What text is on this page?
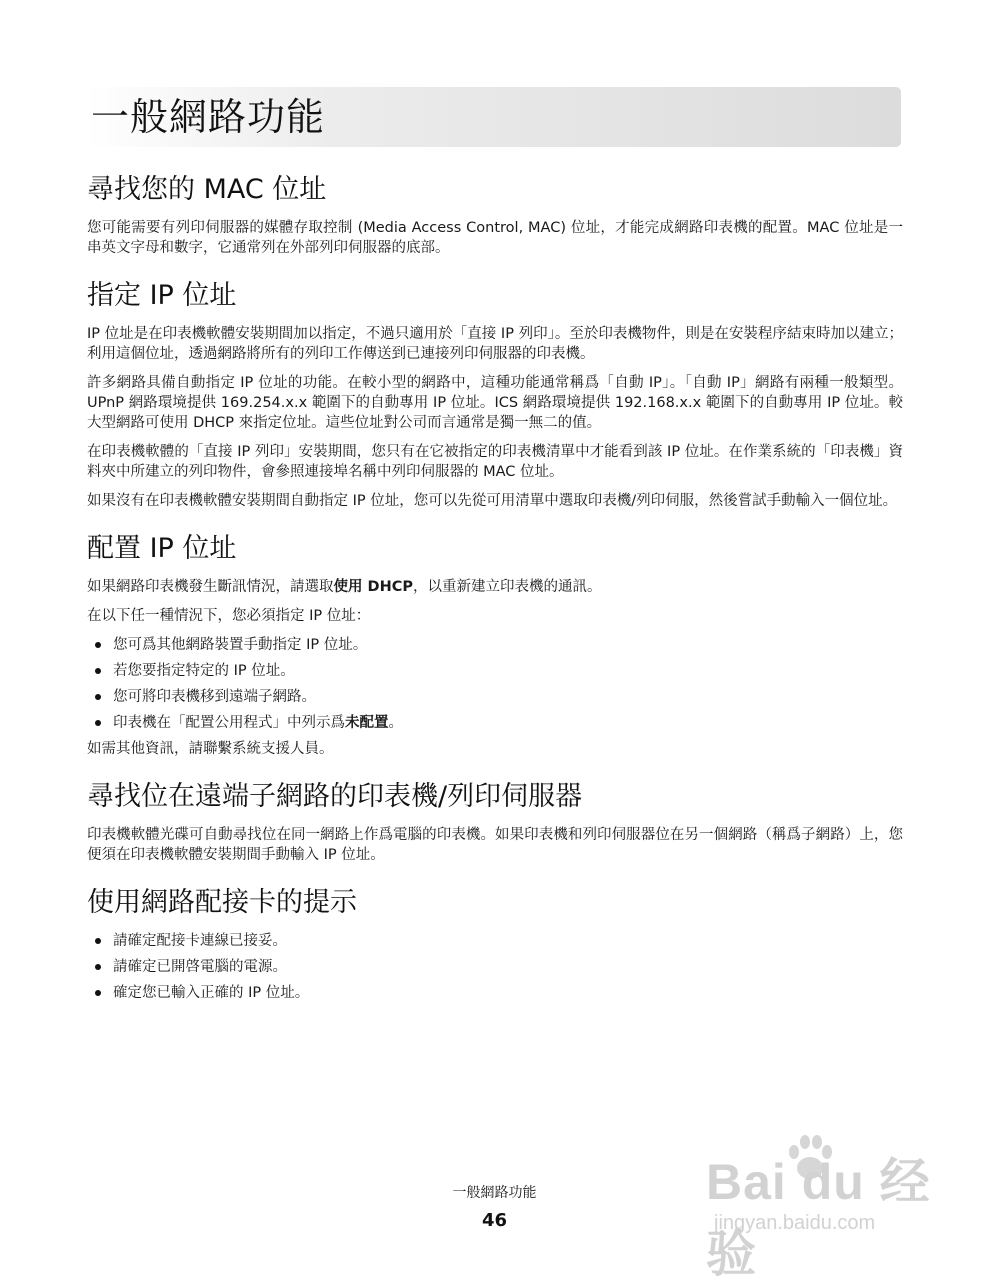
一般網路功能
尋找您的 MAC 位址

您可能需要有列印伺服器的媒體存取控制 (Media Access Control, MAC) 位址，才能完成網路印表機的配置。MAC 位址是一串英文字母和數字，它通常列在外部列印伺服器的底部。

指定 IP 位址

IP 位址是在印表機軟體安裝期間加以指定，不過只適用於「直接 IP 列印」。至於印表機物件，則是在安裝程序結束時加以建立；利用這個位址，透過網路將所有的列印工作傳送到已連接列印伺服器的印表機。

許多網路具備自動指定 IP 位址的功能。在較小型的網路中，這種功能通常稱爲「自動 IP」。「自動 IP」網路有兩種一般類型。UPnP 網路環境提供 169.254.x.x 範圍下的自動專用 IP 位址。ICS 網路環境提供 192.168.x.x 範圍下的自動專用 IP 位址。較大型網路可使用 DHCP 來指定位址。這些位址對公司而言通常是獨一無二的值。

在印表機軟體的「直接 IP 列印」安裝期間，您只有在它被指定的印表機清單中才能看到該 IP 位址。在作業系統的「印表機」資料夾中所建立的列印物件，會參照連接埠名稱中列印伺服器的 MAC 位址。

如果沒有在印表機軟體安裝期間自動指定 IP 位址，您可以先從可用清單中選取印表機/列印伺服，然後嘗試手動輸入一個位址。

配置 IP 位址

如果網路印表機發生斷訊情況，請選取使用 DHCP，以重新建立印表機的通訊。

在以下任一種情況下，您必須指定 IP 位址：

您可爲其他網路裝置手動指定 IP 位址。
若您要指定特定的 IP 位址。
您可將印表機移到遠端子網路。
印表機在「配置公用程式」中列示爲未配置。

如需其他資訊，請聯繫系統支援人員。

尋找位在遠端子網路的印表機/列印伺服器

印表機軟體光碟可自動尋找位在同一網路上作爲電腦的印表機。如果印表機和列印伺服器位在另一個網路（稱爲子網路）上，您便須在印表機軟體安裝期間手動輸入 IP 位址。

使用網路配接卡的提示
請確定配接卡連線已接妥。
請確定已開啓電腦的電源。
確定您已輸入正確的 IP 位址。
一般網路功能
46
Bai du 经验
jingyan.baidu.com
